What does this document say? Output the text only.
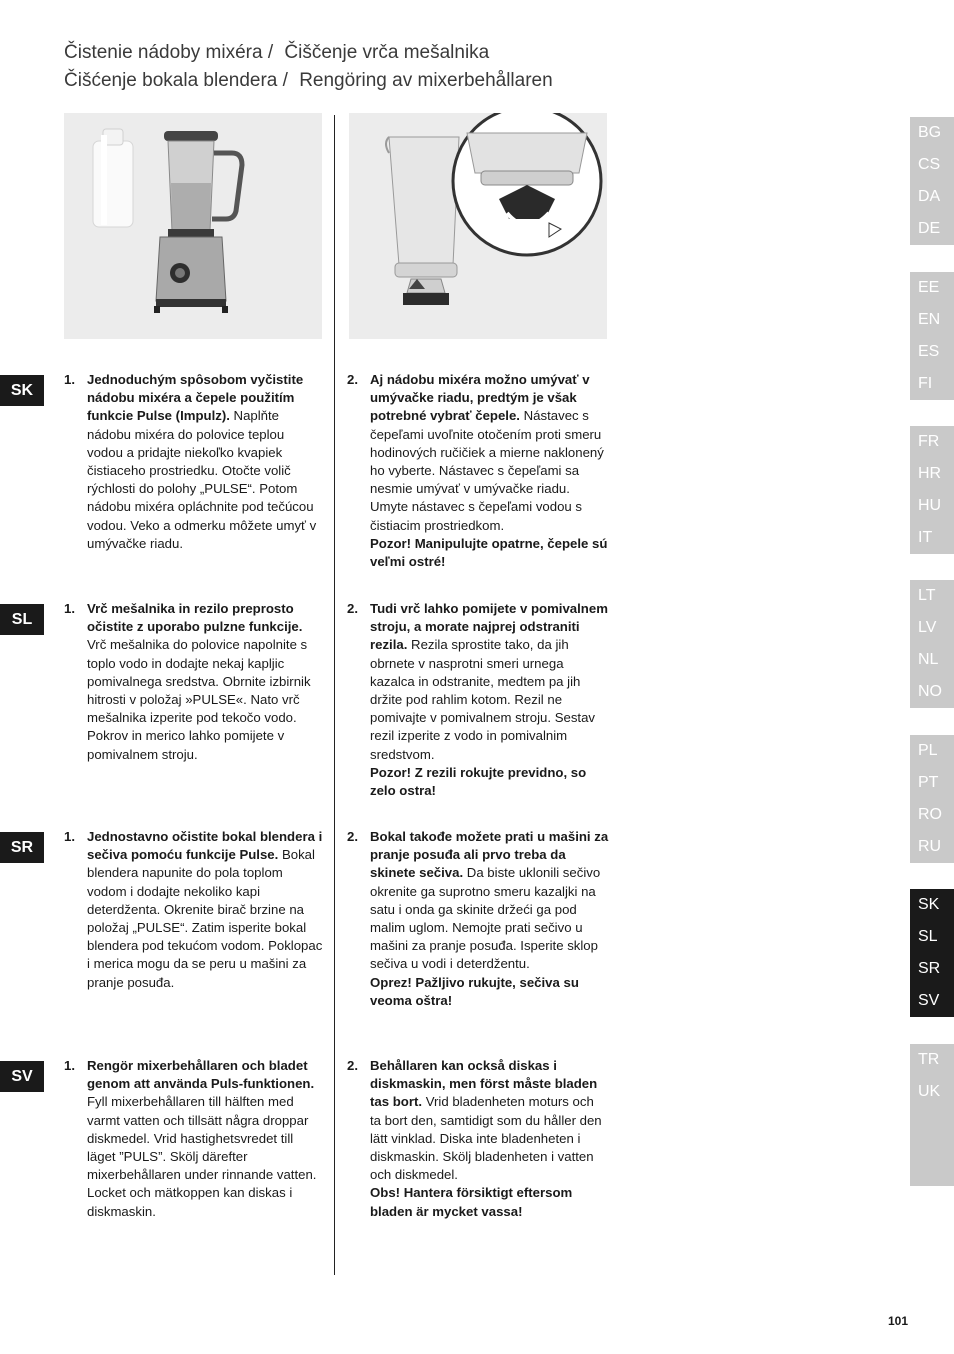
Čistenie nádoby mixéra / Čiščenje vrča mešalnika
Čišćenje bokala blendera / Rengöring av mixerbehållaren
SK
1. Jednoduchým spôsobom vyčistite nádobu mixéra a čepele použitím funkcie Pulse (Impulz). Naplňte nádobu mixéra do polovice teplou vodou a pridajte niekoľko kvapiek čistiaceho prostriedku. Otočte volič rýchlosti do polohy „PULSE“. Potom nádobu mixéra opláchnite pod tečúcou vodou. Veko a odmerku môžete umyť v umývačke riadu.
2. Aj nádobu mixéra možno umývať v umývačke riadu, predtým je však potrebné vybrať čepele. Nástavec s čepeľami uvoľnite otočením proti smeru hodinových ručičiek a mierne naklonený ho vyberte. Nástavec s čepeľami sa nesmie umývať v umývačke riadu. Umyte nástavec s čepeľami vodou s čistiacim prostriedkom.
Pozor! Manipulujte opatrne, čepele sú veľmi ostré!
SL
1. Vrč mešalnika in rezilo preprosto očistite z uporabo pulzne funkcije. Vrč mešalnika do polovice napolnite s toplo vodo in dodajte nekaj kapljic pomivalnega sredstva. Obrnite izbirnik hitrosti v položaj »PULSE«. Nato vrč mešalnika izperite pod tekočo vodo. Pokrov in merico lahko pomijete v pomivalnem stroju.
2. Tudi vrč lahko pomijete v pomivalnem stroju, a morate najprej odstraniti rezila. Rezila sprostite tako, da jih obrnete v nasprotni smeri urnega kazalca in odstranite, medtem pa jih držite pod rahlim kotom. Rezil ne pomivajte v pomivalnem stroju. Sestav rezil izperite z vodo in pomivalnim sredstvom.
Pozor! Z rezili rokujte previdno, so zelo ostra!
SR
1. Jednostavno očistite bokal blendera i sečiva pomoću funkcije Pulse. Bokal blendera napunite do pola toplom vodom i dodajte nekoliko kapi deterdženta. Okrenite birač brzine na položaj „PULSE“. Zatim isperite bokal blendera pod tekućom vodom. Poklopac i merica mogu da se peru u mašini za pranje posuđa.
2. Bokal takođe možete prati u mašini za pranje posuđa ali prvo treba da skinete sečiva. Da biste uklonili sečivo okrenite ga suprotno smeru kazaljki na satu i onda ga skinite držeći ga pod malim uglom. Nemojte prati sečivo u mašini za pranje posuđa. Isperite sklop sečiva u vodi i deterdžentu.
Oprez! Pažljivo rukujte, sečiva su veoma oštra!
SV
1. Rengör mixerbehållaren och bladet genom att använda Puls-funktionen. Fyll mixerbehållaren till hälften med varmt vatten och tillsätt några droppar diskmedel. Vrid hastighetsvredet till läget ”PULS”. Skölj därefter mixerbehållaren under rinnande vatten. Locket och mätkoppen kan diskas i diskmaskin.
2. Behållaren kan också diskas i diskmaskin, men först måste bladen tas bort. Vrid bladenheten moturs och ta bort den, samtidigt som du håller den lätt vinklad. Diska inte bladenheten i diskmaskin. Skölj bladenheten i vatten och diskmedel.
Obs! Hantera försiktigt eftersom bladen är mycket vassa!
BG
CS
DA
DE
EE
EN
ES
FI
FR
HR
HU
IT
LT
LV
NL
NO
PL
PT
RO
RU
SK
SL
SR
SV
TR
UK
101
